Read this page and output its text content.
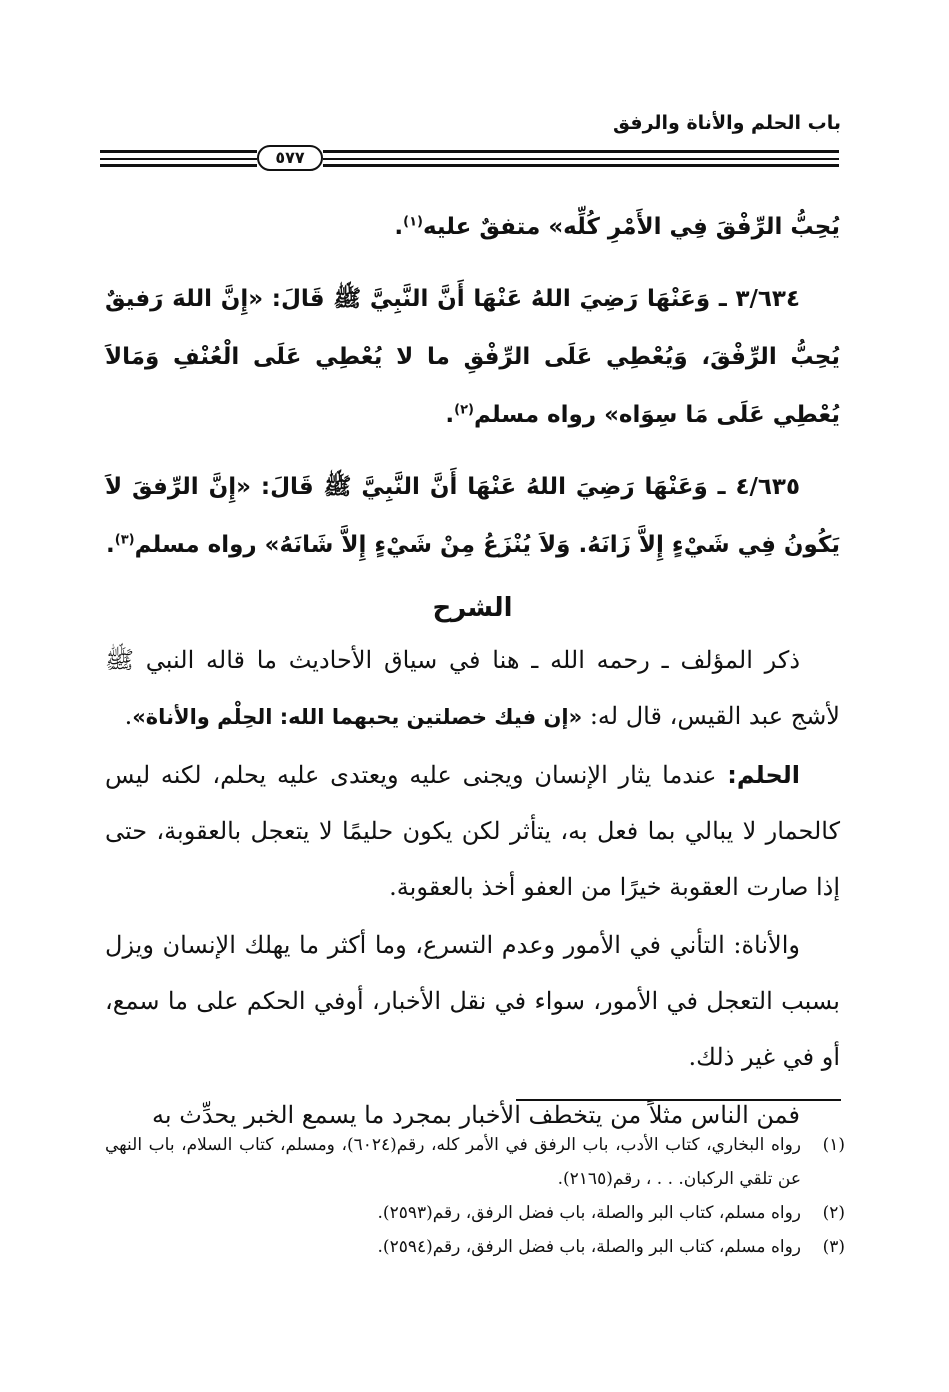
باب الحلم والأناة والرفق
٥٧٧

يُحِبُّ الرِّفْقَ فِي الأَمْرِ كُلِّه» متفقٌ عليه$^{(١)}$.

٣/٦٣٤ ـ وَعَنْهَا رَضِيَ اللهُ عَنْهَا أَنَّ النَّبِيَّ ﷺ قَالَ: «إِنَّ اللهَ رَفيقٌ يُحِبُّ الرِّفْقَ، وَيُعْطِي عَلَى الرِّفْقِ ما لا يُعْطِي عَلَى الْعُنْفِ وَمَالاَ يُعْطِي عَلَى مَا سِوَاه» رواه مسلم$^{(٢)}$.

٤/٦٣٥ ـ وَعَنْهَا رَضِيَ اللهُ عَنْهَا أَنَّ النَّبِيَّ ﷺ قَالَ: «إِنَّ الرِّفقَ لاَ يَكُونُ فِي شَيْءٍ إِلاَّ زَانَهُ. وَلاَ يُنْزَعُ مِنْ شَيْءٍ إِلاَّ شَانَهُ» رواه مسلم$^{(٣)}$.

الشرح

ذكر المؤلف ـ رحمه الله ـ هنا في سياق الأحاديث ما قاله النبي ﷺ لأشج عبد القيس، قال له: «إن فيك خصلتين يحبهما الله: الحِلْم والأناة».

الحلم: عندما يثار الإنسان ويجنى عليه ويعتدى عليه يحلم، لكنه ليس كالحمار لا يبالي بما فعل به، يتأثر لكن يكون حليمًا لا يتعجل بالعقوبة، حتى إذا صارت العقوبة خيرًا من العفو أخذ بالعقوبة.

والأناة: التأني في الأمور وعدم التسرع، وما أكثر ما يهلك الإنسان ويزل بسبب التعجل في الأمور، سواء في نقل الأخبار، أوفي الحكم على ما سمع، أو في غير ذلك.

فمن الناس مثلاً من يتخطف الأخبار بمجرد ما يسمع الخبر يحدِّث به

(١)
رواه البخاري، كتاب الأدب، باب الرفق في الأمر كله، رقم(٦٠٢٤)، ومسلم، كتاب السلام، باب النهي عن تلقي الركبان. . . ، رقم(٢١٦٥).
(٢)
رواه مسلم، كتاب البر والصلة، باب فضل الرفق، رقم(٢٥٩٣).
(٣)
رواه مسلم، كتاب البر والصلة، باب فضل الرفق، رقم(٢٥٩٤).
